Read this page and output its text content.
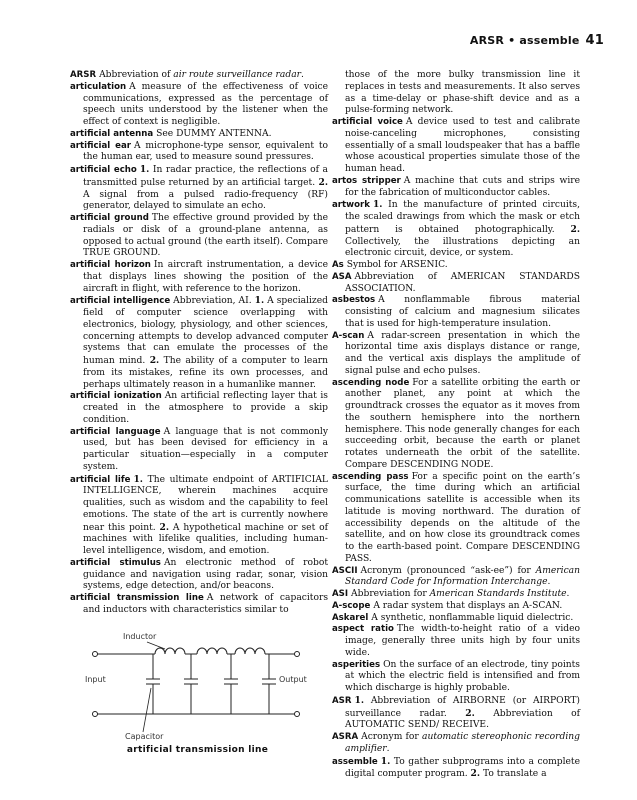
ARSR • assemble 41

ARSR Abbreviation of air route surveillance radar.

articulation A measure of the effectiveness of voice communications, expressed as the percentage of speech units understood by the listener when the effect of context is negligible.

artificial antenna See DUMMY ANTENNA.

artificial ear A microphone-type sensor, equivalent to the human ear, used to measure sound pressures.

artificial echo 1. In radar practice, the reflections of a transmitted pulse returned by an artificial target. 2. A signal from a pulsed radio-frequency (RF) generator, delayed to simulate an echo.

artificial ground The effective ground provided by the radials or disk of a ground-plane antenna, as opposed to actual ground (the earth itself). Compare TRUE GROUND.

artificial horizon In aircraft instrumentation, a device that displays lines showing the position of the aircraft in flight, with reference to the horizon.

artificial intelligence Abbreviation, AI. 1. A specialized field of computer science overlapping with electronics, biology, physiology, and other sciences, concerning attempts to develop advanced computer systems that can emulate the processes of the human mind. 2. The ability of a computer to learn from its mistakes, refine its own processes, and perhaps ultimately reason in a humanlike manner.

artificial ionization An artificial reflecting layer that is created in the atmosphere to provide a skip condition.

artificial language A language that is not commonly used, but has been devised for efficiency in a particular situation—especially in a computer system.

artificial life 1. The ultimate endpoint of ARTIFICIAL INTELLIGENCE, wherein machines acquire qualities, such as wisdom and the capability to feel emotions. The state of the art is currently nowhere near this point. 2. A hypothetical machine or set of machines with lifelike qualities, including human-level intelligence, wisdom, and emotion.

artificial stimulus An electronic method of robot guidance and navigation using radar, sonar, vision systems, edge detection, and/or beacons.

artificial transmission line A network of capacitors and inductors with characteristics similar to

those of the more bulky transmission line it replaces in tests and measurements. It also serves as a time-delay or phase-shift device and as a pulse-forming network.

artificial voice A device used to test and calibrate noise-canceling microphones, consisting essentially of a small loudspeaker that has a baffle whose acoustical properties simulate those of the human head.

artos stripper A machine that cuts and strips wire for the fabrication of multiconductor cables.

artwork 1. In the manufacture of printed circuits, the scaled drawings from which the mask or etch pattern is obtained photographically. 2. Collectively, the illustrations depicting an electronic circuit, device, or system.

As Symbol for ARSENIC.

ASA Abbreviation of AMERICAN STANDARDS ASSOCIATION.

asbestos A nonflammable fibrous material consisting of calcium and magnesium silicates that is used for high-temperature insulation.

A-scan A radar-screen presentation in which the horizontal time axis displays distance or range, and the vertical axis displays the amplitude of signal pulse and echo pulses.

ascending node For a satellite orbiting the earth or another planet, any point at which the groundtrack crosses the equator as it moves from the southern hemisphere into the northern hemisphere. This node generally changes for each succeeding orbit, because the earth or planet rotates underneath the orbit of the satellite. Compare DESCENDING NODE.

ascending pass For a specific point on the earth’s surface, the time during which an artificial communications satellite is accessible when its latitude is moving northward. The duration of accessibility depends on the altitude of the satellite, and on how close its groundtrack comes to the earth-based point. Compare DESCENDING PASS.

ASCII Acronym (pronounced “ask-ee”) for American Standard Code for Information Interchange.

ASI Abbreviation for American Standards Institute.

A-scope A radar system that displays an A-SCAN.

Askarel A synthetic, nonflammable liquid dielectric.

aspect ratio The width-to-height ratio of a video image, generally three units high by four units wide.

asperities On the surface of an electrode, tiny points at which the electric field is intensified and from which discharge is highly probable.

ASR 1. Abbreviation of AIRBORNE (or AIRPORT) surveillance radar. 2. Abbreviation of AUTOMATIC SEND/ RECEIVE.

ASRA Acronym for automatic stereophonic recording amplifier.

assemble 1. To gather subprograms into a complete digital computer program. 2. To translate a

Inductor
Input	Output
Capacitor
artificial transmission line
